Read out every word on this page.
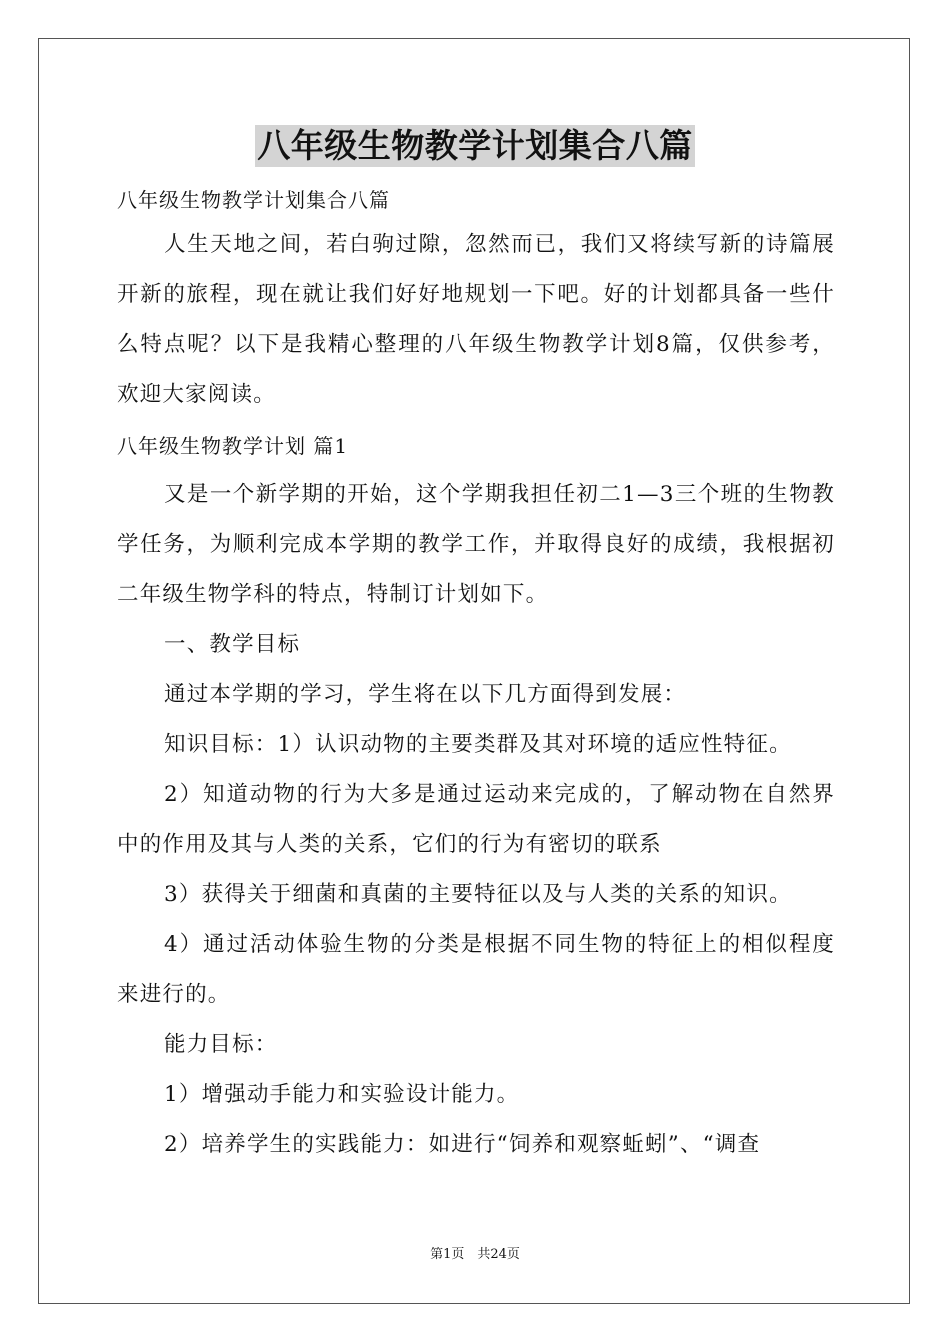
八年级生物教学计划集合八篇

八年级生物教学计划集合八篇

人生天地之间，若白驹过隙，忽然而已，我们又将续写新的诗篇展开新的旅程，现在就让我们好好地规划一下吧。好的计划都具备一些什么特点呢？以下是我精心整理的八年级生物教学计划8篇，仅供参考，欢迎大家阅读。

八年级生物教学计划 篇1

又是一个新学期的开始，这个学期我担任初二1—3三个班的生物教学任务，为顺利完成本学期的教学工作，并取得良好的成绩，我根据初二年级生物学科的特点，特制订计划如下。

一、教学目标

通过本学期的学习，学生将在以下几方面得到发展：

知识目标：1）认识动物的主要类群及其对环境的适应性特征。

2）知道动物的行为大多是通过运动来完成的，了解动物在自然界中的作用及其与人类的关系，它们的行为有密切的联系

3）获得关于细菌和真菌的主要特征以及与人类的关系的知识。

4）通过活动体验生物的分类是根据不同生物的特征上的相似程度来进行的。

能力目标：

1）增强动手能力和实验设计能力。

2）培养学生的实践能力：如进行“饲养和观察蚯蚓”、“调查

第1页　共24页
